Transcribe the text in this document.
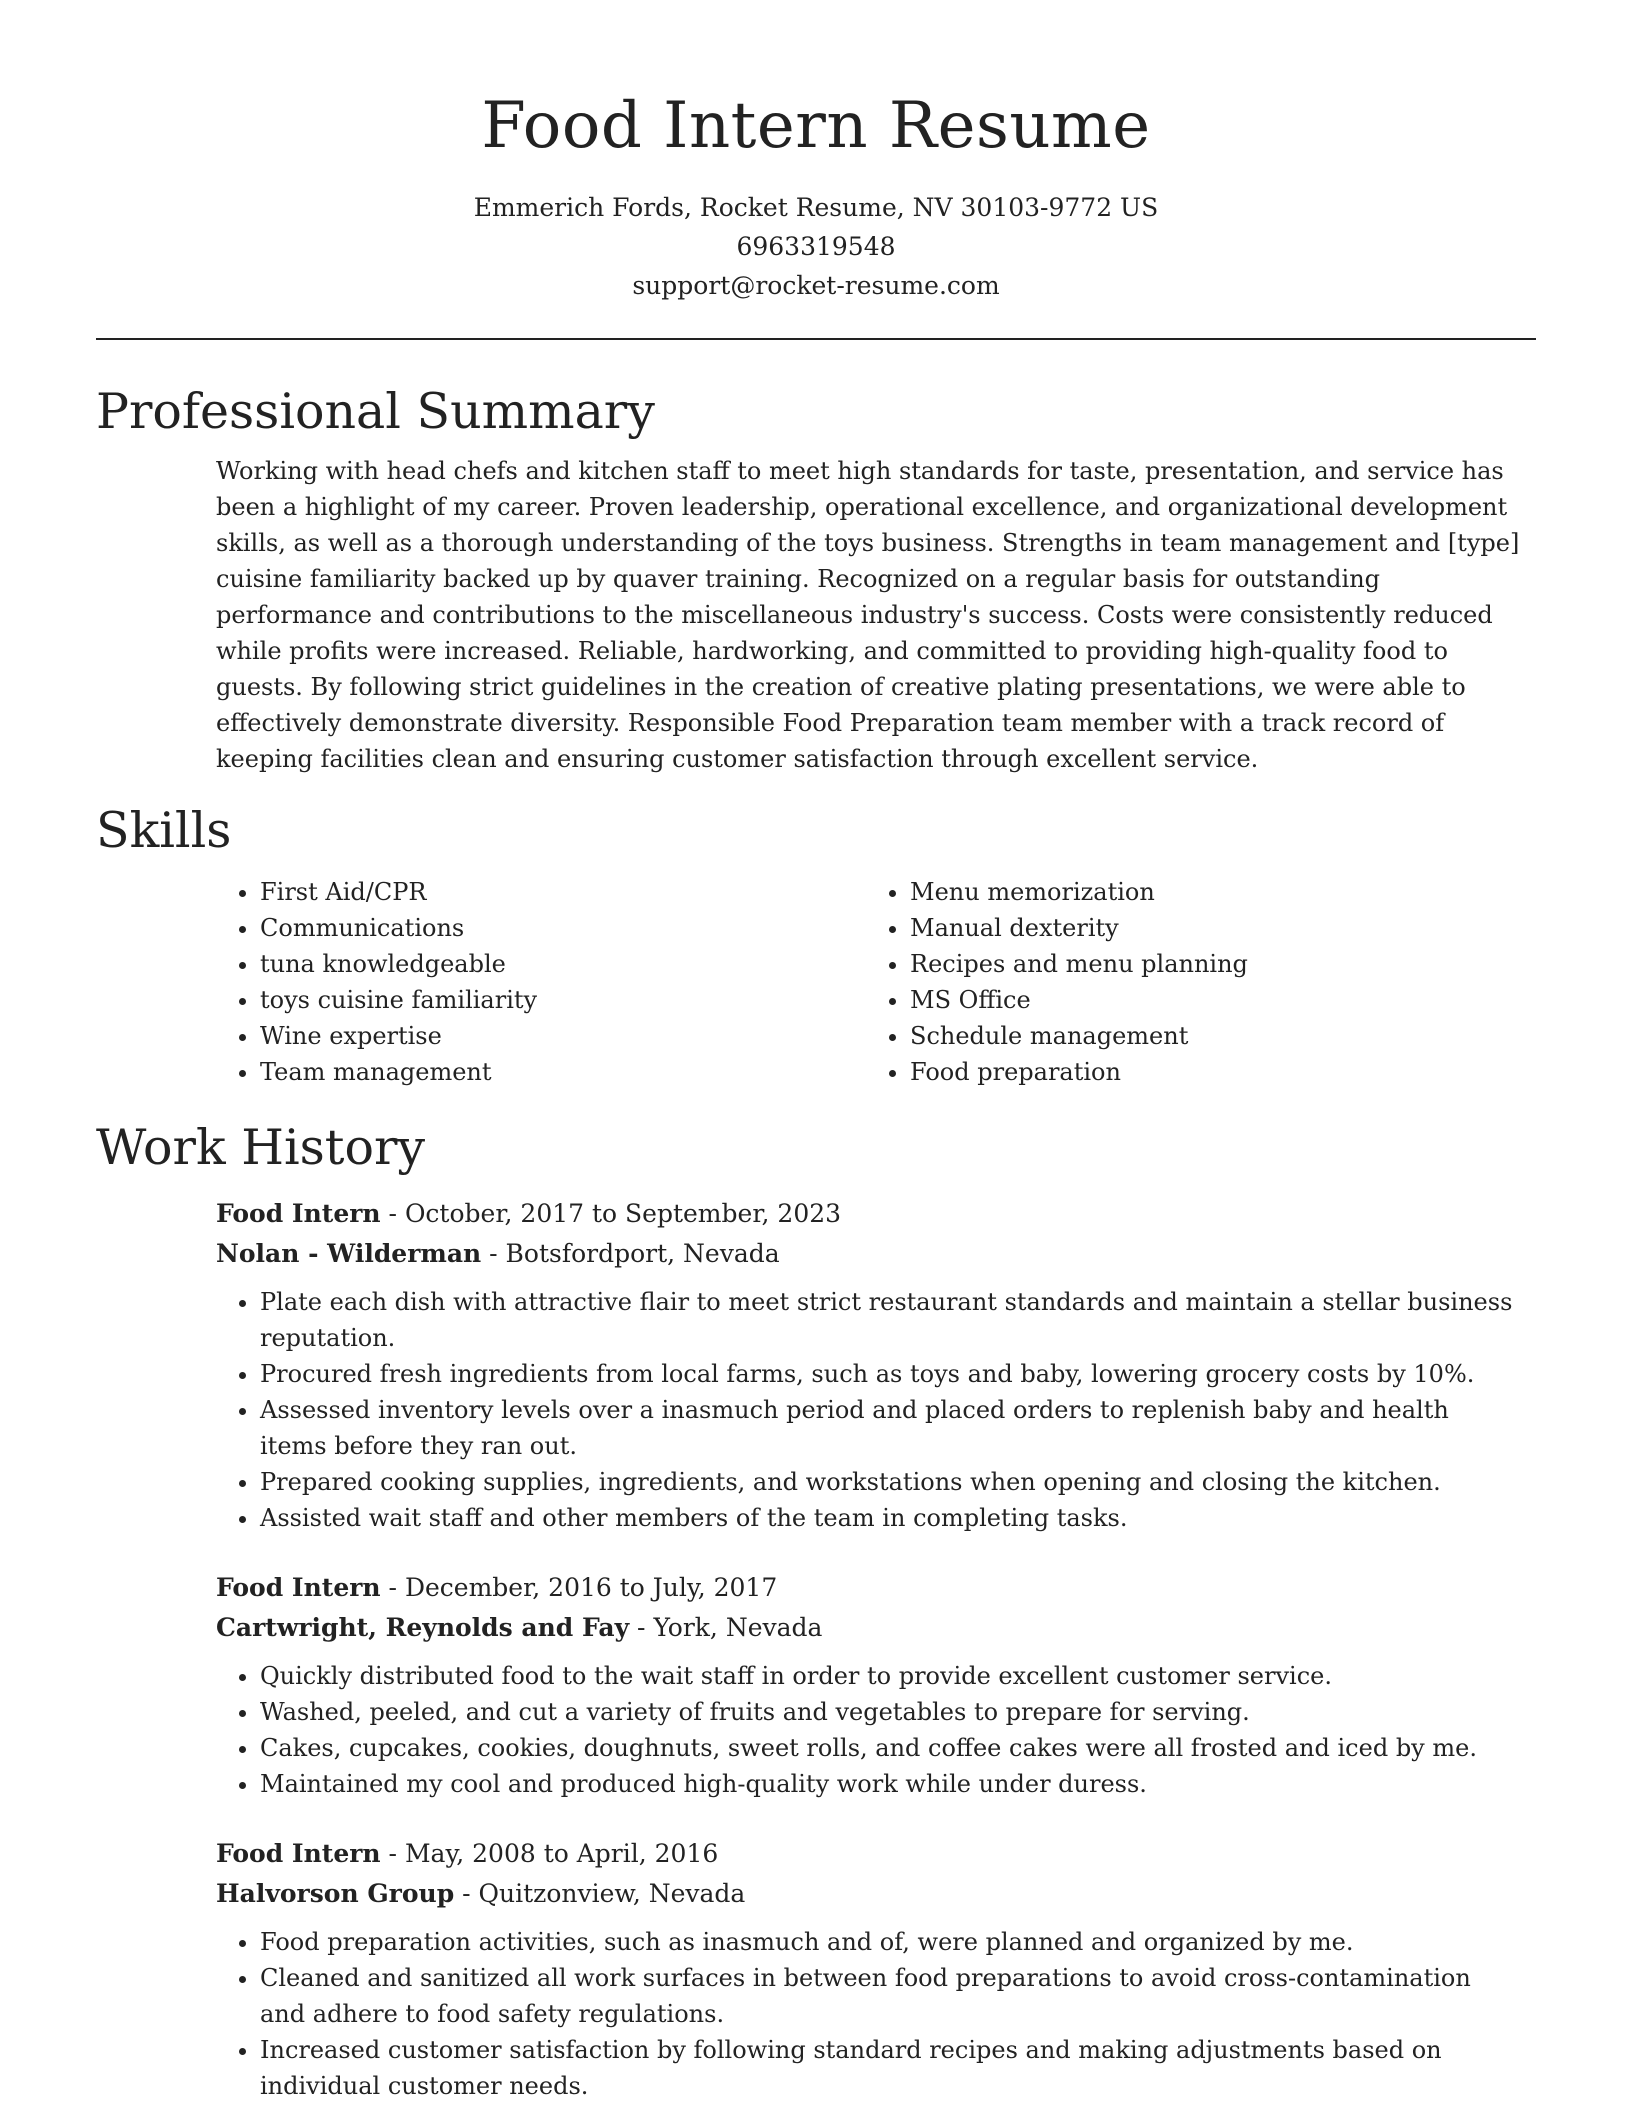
Food Intern Resume
Emmerich Fords, Rocket Resume, NV 30103-9772 US
6963319548
support@rocket-resume.com
Professional Summary

Working with head chefs and kitchen staff to meet high standards for taste, presentation, and service has been a highlight of my career. Proven leadership, operational excellence, and organizational development skills, as well as a thorough understanding of the toys business. Strengths in team management and [type] cuisine familiarity backed up by quaver training. Recognized on a regular basis for outstanding performance and contributions to the miscellaneous industry's success. Costs were consistently reduced while profits were increased. Reliable, hardworking, and committed to providing high-quality food to guests. By following strict guidelines in the creation of creative plating presentations, we were able to effectively demonstrate diversity. Responsible Food Preparation team member with a track record of keeping facilities clean and ensuring customer satisfaction through excellent service.

Skills
• First Aid/CPR
• Communications
• tuna knowledgeable
• toys cuisine familiarity
• Wine expertise
• Team management
• Menu memorization
• Manual dexterity
• Recipes and menu planning
• MS Office
• Schedule management
• Food preparation
Work History
Food Intern - October, 2017 to September, 2023
Nolan - Wilderman - Botsfordport, Nevada
• Plate each dish with attractive flair to meet strict restaurant standards and maintain a stellar business reputation.
• Procured fresh ingredients from local farms, such as toys and baby, lowering grocery costs by 10%.
• Assessed inventory levels over a inasmuch period and placed orders to replenish baby and health items before they ran out.
• Prepared cooking supplies, ingredients, and workstations when opening and closing the kitchen.
• Assisted wait staff and other members of the team in completing tasks.
Food Intern - December, 2016 to July, 2017
Cartwright, Reynolds and Fay - York, Nevada
• Quickly distributed food to the wait staff in order to provide excellent customer service.
• Washed, peeled, and cut a variety of fruits and vegetables to prepare for serving.
• Cakes, cupcakes, cookies, doughnuts, sweet rolls, and coffee cakes were all frosted and iced by me.
• Maintained my cool and produced high-quality work while under duress.
Food Intern - May, 2008 to April, 2016
Halvorson Group - Quitzonview, Nevada
• Food preparation activities, such as inasmuch and of, were planned and organized by me.
• Cleaned and sanitized all work surfaces in between food preparations to avoid cross-contamination and adhere to food safety regulations.
• Increased customer satisfaction by following standard recipes and making adjustments based on individual customer needs.
